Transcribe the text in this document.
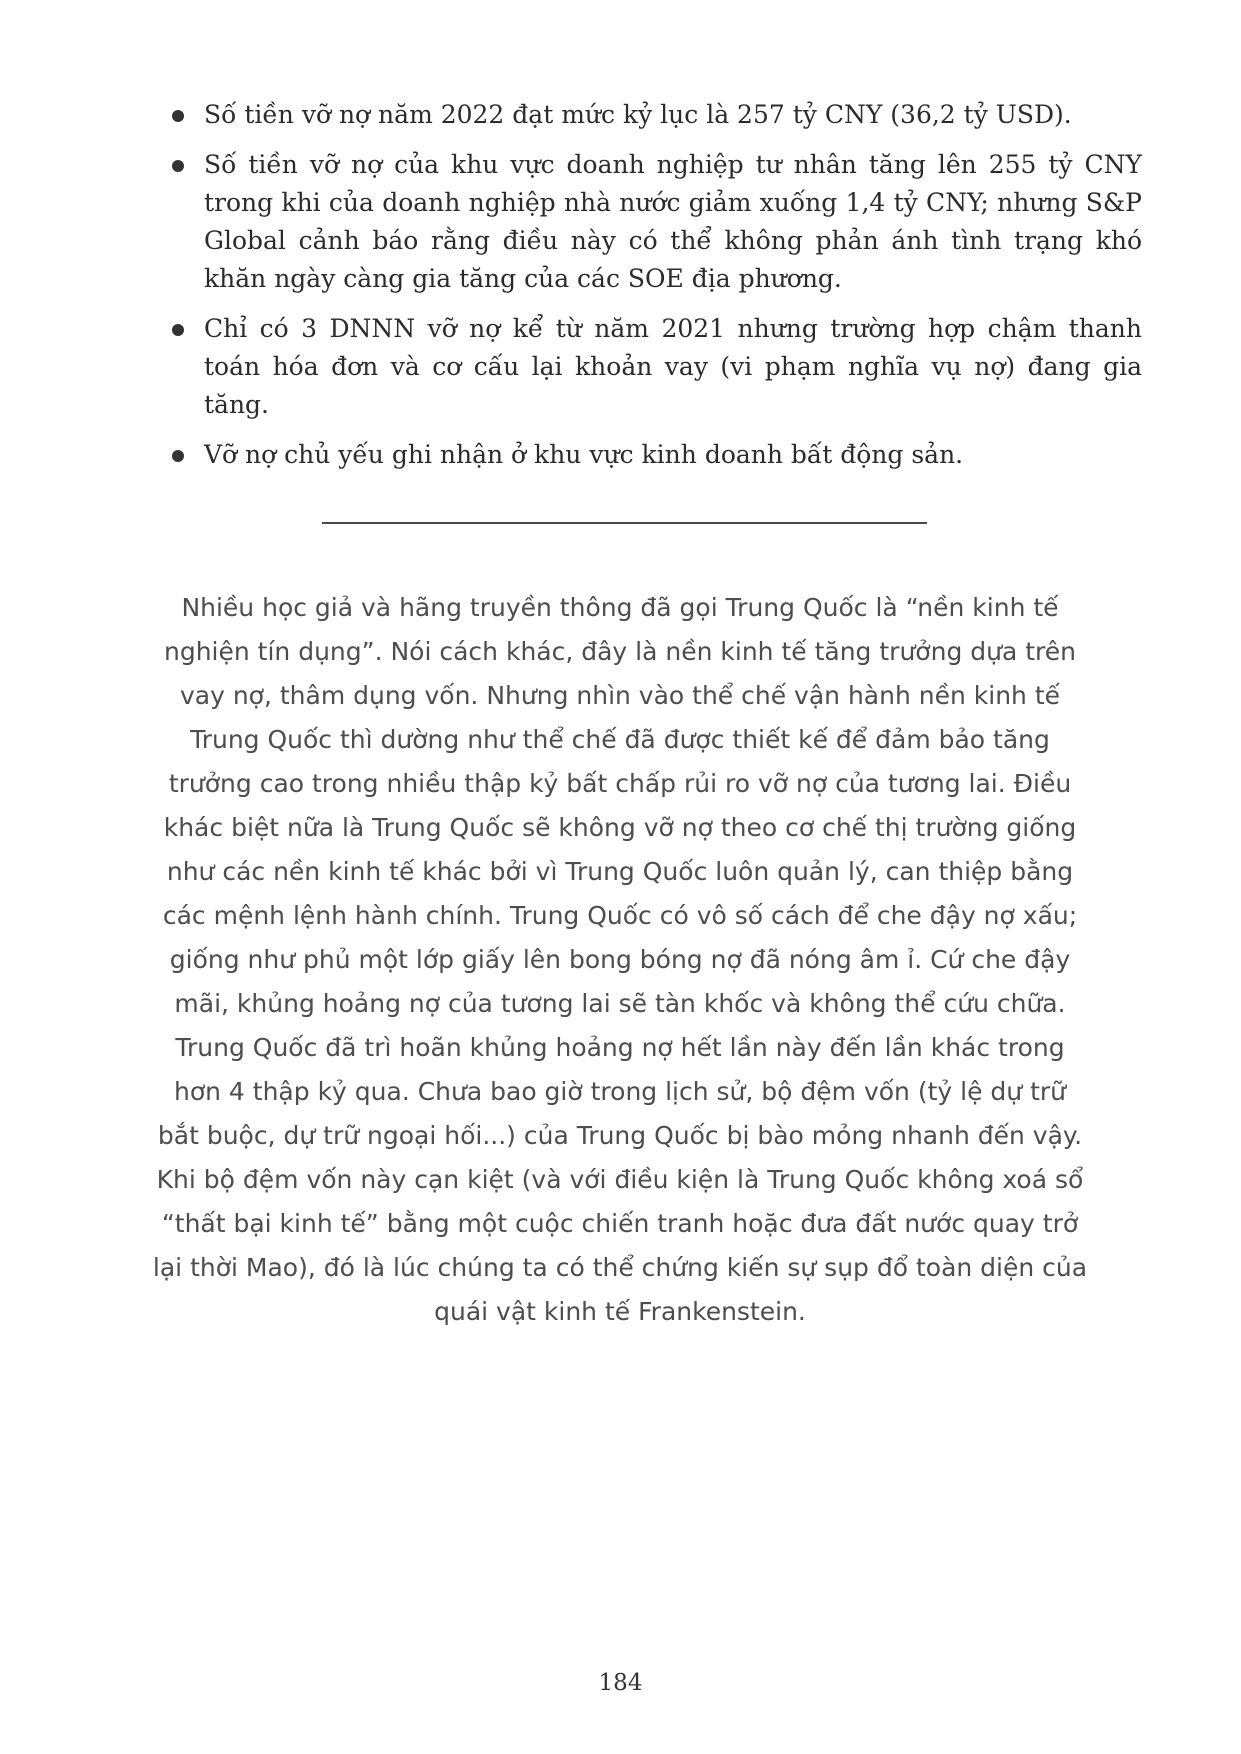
Số tiền vỡ nợ năm 2022 đạt mức kỷ lục là 257 tỷ CNY (36,2 tỷ USD).
Số tiền vỡ nợ của khu vực doanh nghiệp tư nhân tăng lên 255 tỷ CNY trong khi của doanh nghiệp nhà nước giảm xuống 1,4 tỷ CNY; nhưng S&P Global cảnh báo rằng điều này có thể không phản ánh tình trạng khó khăn ngày càng gia tăng của các SOE địa phương.
Chỉ có 3 DNNN vỡ nợ kể từ năm 2021 nhưng trường hợp chậm thanh toán hóa đơn và cơ cấu lại khoản vay (vi phạm nghĩa vụ nợ) đang gia tăng.
Vỡ nợ chủ yếu ghi nhận ở khu vực kinh doanh bất động sản.

Nhiều học giả và hãng truyền thông đã gọi Trung Quốc là “nền kinh tế nghiện tín dụng”. Nói cách khác, đây là nền kinh tế tăng trưởng dựa trên vay nợ, thâm dụng vốn. Nhưng nhìn vào thể chế vận hành nền kinh tế Trung Quốc thì dường như thể chế đã được thiết kế để đảm bảo tăng trưởng cao trong nhiều thập kỷ bất chấp rủi ro vỡ nợ của tương lai. Điều khác biệt nữa là Trung Quốc sẽ không vỡ nợ theo cơ chế thị trường giống như các nền kinh tế khác bởi vì Trung Quốc luôn quản lý, can thiệp bằng các mệnh lệnh hành chính. Trung Quốc có vô số cách để che đậy nợ xấu; giống như phủ một lớp giấy lên bong bóng nợ đã nóng âm ỉ. Cứ che đậy mãi, khủng hoảng nợ của tương lai sẽ tàn khốc và không thể cứu chữa. Trung Quốc đã trì hoãn khủng hoảng nợ hết lần này đến lần khác trong hơn 4 thập kỷ qua. Chưa bao giờ trong lịch sử, bộ đệm vốn (tỷ lệ dự trữ bắt buộc, dự trữ ngoại hối...) của Trung Quốc bị bào mỏng nhanh đến vậy. Khi bộ đệm vốn này cạn kiệt (và với điều kiện là Trung Quốc không xoá sổ “thất bại kinh tế” bằng một cuộc chiến tranh hoặc đưa đất nước quay trở lại thời Mao), đó là lúc chúng ta có thể chứng kiến sự sụp đổ toàn diện của quái vật kinh tế Frankenstein.

184
